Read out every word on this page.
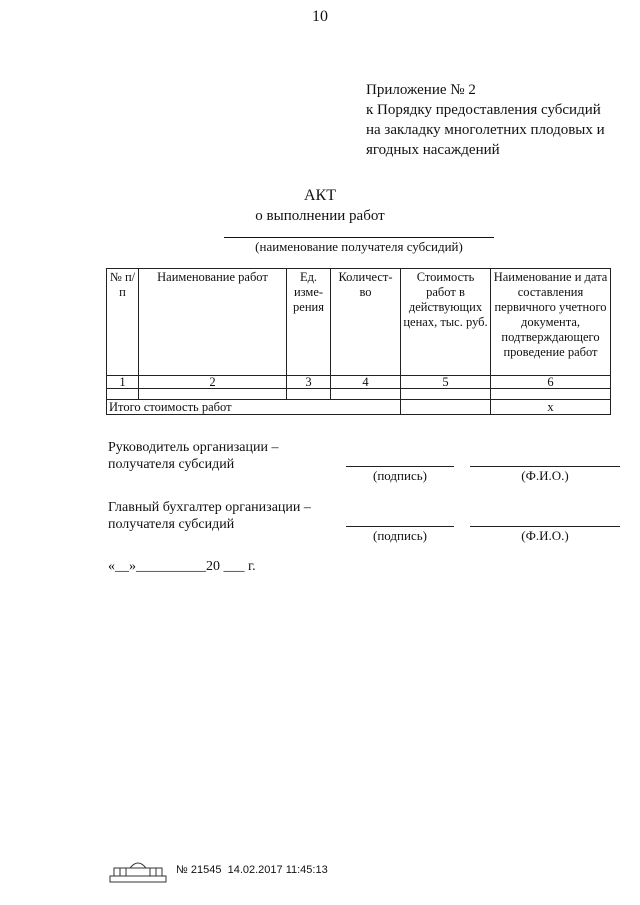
10
Приложение № 2
к Порядку предоставления субсидий
на закладку многолетних плодовых и
ягодных насаждений
АКТ
о выполнении работ
(наименование получателя субсидий)
№ п/п	Наименование работ	Ед. изме-рения	Количест-во	Стоимость работ в действующих ценах, тыс. руб.	Наименование и дата составления первичного учетного документа, подтверждающего проведение работ
1	2	3	4	5	6

Итого стоимость работ					x
Руководитель организации –
получателя субсидий
(подпись)	(Ф.И.О.)
Главный бухгалтер организации –
получателя субсидий
(подпись)	(Ф.И.О.)
«__»__________20 ___ г.
№ 21545 14.02.2017 11:45:13
